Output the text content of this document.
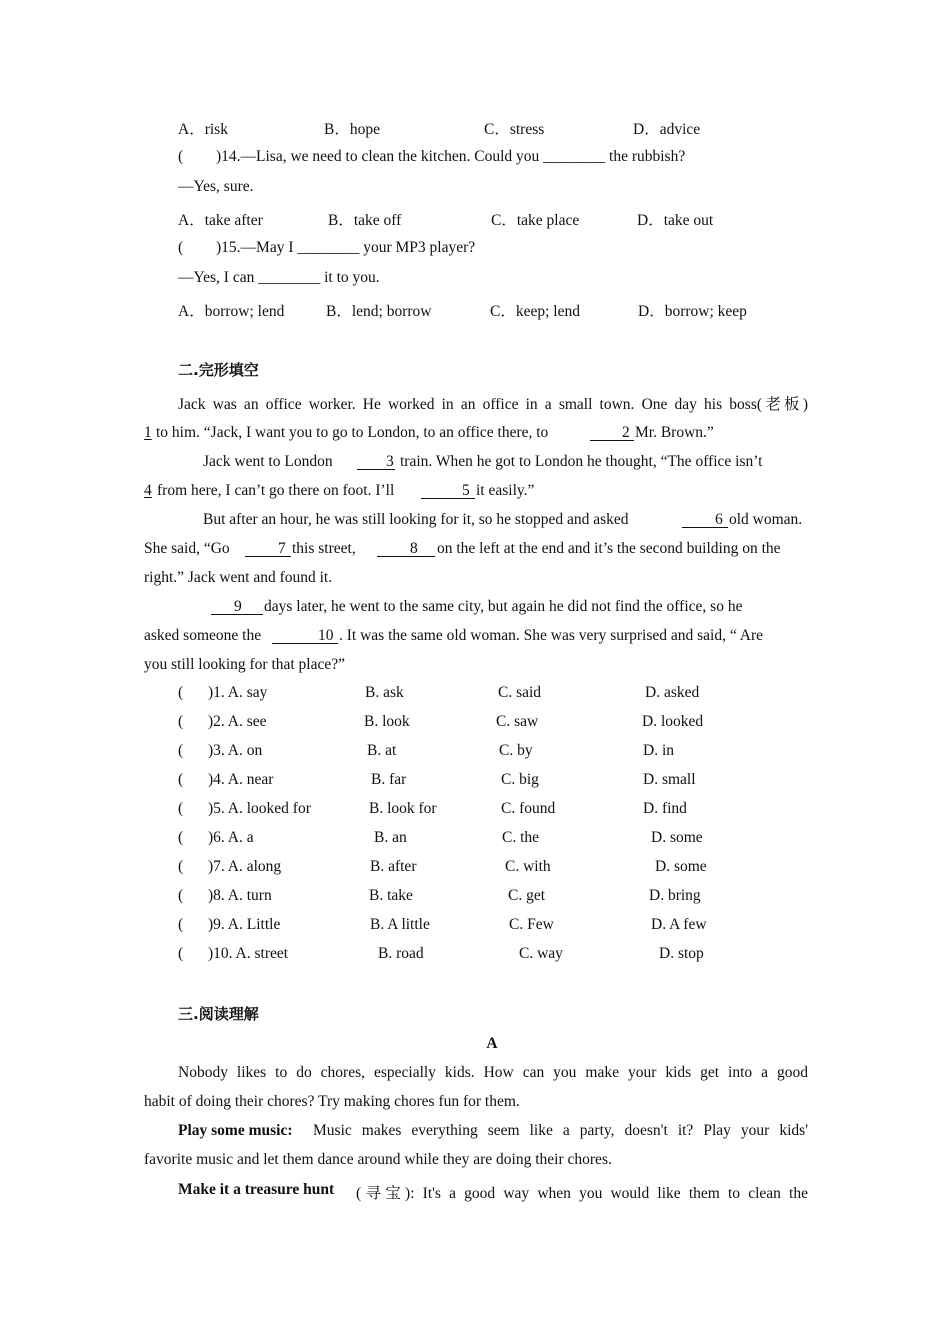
A．risk	B．hope	C．stress	D．advice
( )14.—Lisa, we need to clean the kitchen. Could you ________ the rubbish?
—Yes, sure.
A．take after	B．take off	C．take place	D．take out
( )15.—May I ________ your MP3 player?
—Yes, I can ________ it to you.
A．borrow; lend	B．lend; borrow	C．keep; lend	D．borrow; keep
二.完形填空
Jack was an office worker. He worked in an office in a small town. One day his boss(老板)
1 to him. “Jack, I want you to go to London, to an office there, to	2 Mr. Brown.”
Jack went to London	3 train. When he got to London he thought, “The office isn’t
4 from here, I can’t go there on foot. I’ll	5 it easily.”
But after an hour, he was still looking for it, so he stopped and asked	6 old woman.
She said, “Go	7 this street,	8 on the left at the end and it’s the second building on the
right.” Jack went and found it.
9 days later, he went to the same city, but again he did not find the office, so he
asked someone the	10 . It was the same old woman. She was very surprised and said, “ Are
you still looking for that place?”
( )1. A. say	B. ask	C. said	D. asked
( )2. A. see	B. look	C. saw	D. looked
( )3. A. on	B. at	C. by	D. in
( )4. A. near	B. far	C. big	D. small
( )5. A. looked for	B. look for	C. found	D. find
( )6. A. a	B. an	C. the	D. some
( )7. A. along	B. after	C. with	D. some
( )8. A. turn	B. take	C. get	D. bring
( )9. A. Little	B. A little	C. Few	D. A few
( )10. A. street	B. road	C. way	D. stop
三.阅读理解
A
Nobody likes to do chores, especially kids. How can you make your kids get into a good
habit of doing their chores? Try making chores fun for them.
Play some music: Music makes everything seem like a party, doesn't it? Play your kids'
favorite music and let them dance around while they are doing their chores.
Make it a treasure hunt (寻宝): It's a good way when you would like them to clean the
